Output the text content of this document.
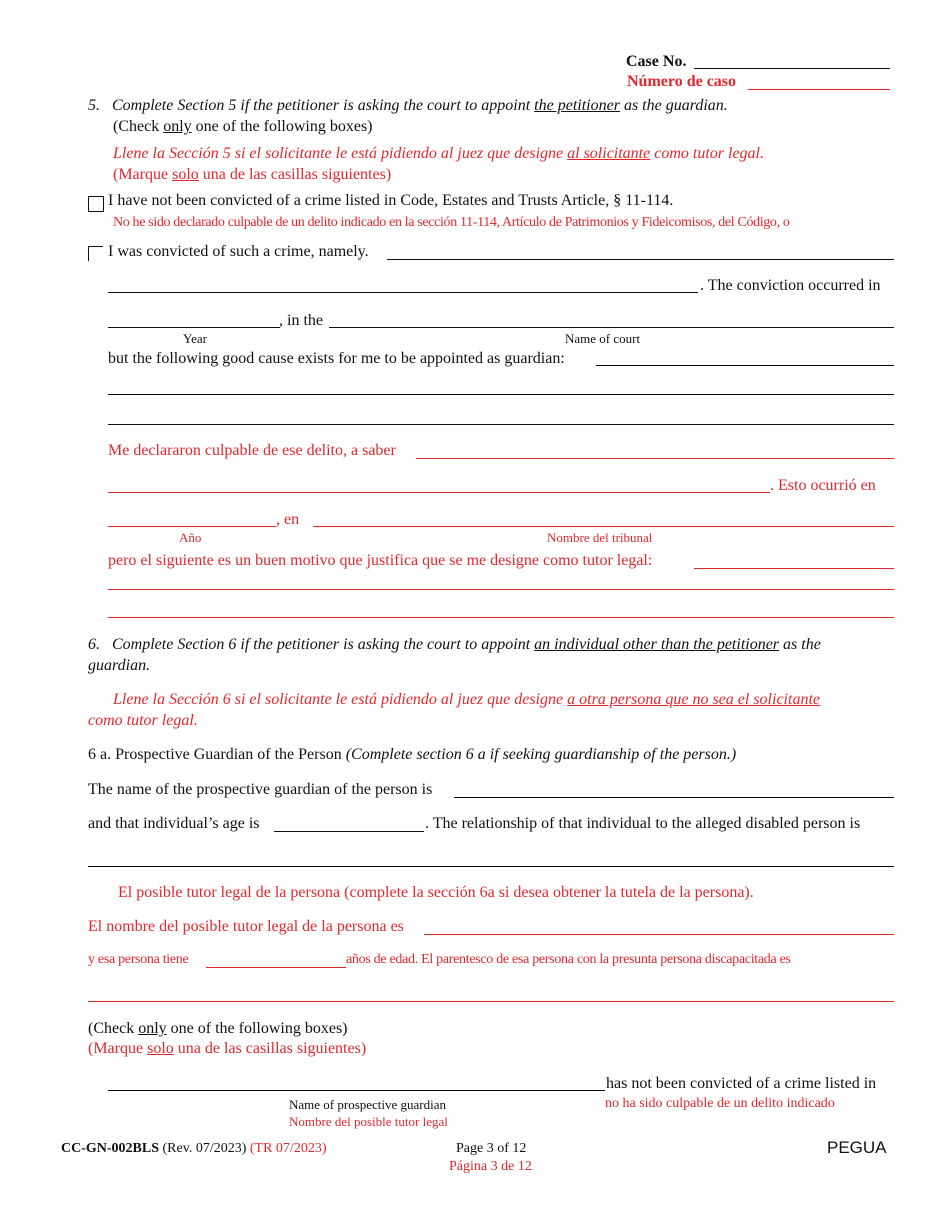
Case No.
Número de caso
5. Complete Section 5 if the petitioner is asking the court to appoint the petitioner as the guardian.
(Check only one of the following boxes)
Llene la Sección 5 si el solicitante le está pidiendo al juez que designe al solicitante como tutor legal.
(Marque solo una de las casillas siguientes)
I have not been convicted of a crime listed in Code, Estates and Trusts Article, § 11-114.
No he sido declarado culpable de un delito indicado en la sección 11-114, Artículo de Patrimonios y Fideicomisos, del Código, o
I was convicted of such a crime, namely.
. The conviction occurred in
, in the
Year	Name of court
but the following good cause exists for me to be appointed as guardian:
Me declararon culpable de ese delito, a saber
. Esto ocurrió en
, en
Año	Nombre del tribunal
pero el siguiente es un buen motivo que justifica que se me designe como tutor legal:
6. Complete Section 6 if the petitioner is asking the court to appoint an individual other than the petitioner as the
guardian.
Llene la Sección 6 si el solicitante le está pidiendo al juez que designe a otra persona que no sea el solicitante
como tutor legal.
6 a. Prospective Guardian of the Person (Complete section 6 a if seeking guardianship of the person.)
The name of the prospective guardian of the person is
and that individual’s age is	. The relationship of that individual to the alleged disabled person is
El posible tutor legal de la persona (complete la sección 6a si desea obtener la tutela de la persona).
El nombre del posible tutor legal de la persona es
y esa persona tiene	años de edad. El parentesco de esa persona con la presunta persona discapacitada es
(Check only one of the following boxes)
(Marque solo una de las casillas siguientes)
has not been convicted of a crime listed in
no ha sido culpable de un delito indicado
Name of prospective guardian
Nombre del posible tutor legal
CC-GN-002BLS (Rev. 07/2023) (TR 07/2023)	Page 3 of 12
Página 3 de 12
PEGUA
